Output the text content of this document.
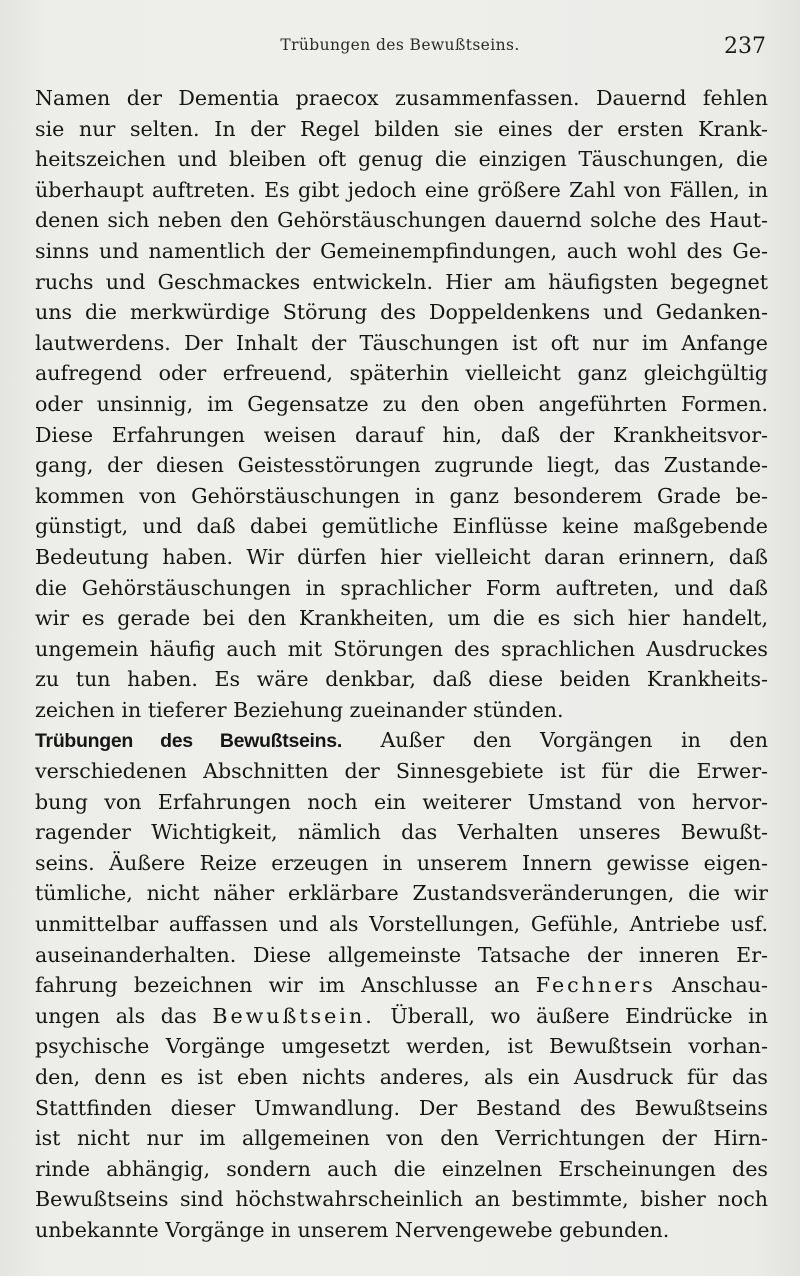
Trübungen des Bewußtseins.	237
Namen der Dementia praecox zusammenfassen. Dauernd fehlen
sie nur selten. In der Regel bilden sie eines der ersten Krank-
heitszeichen und bleiben oft genug die einzigen Täuschungen, die
überhaupt auftreten. Es gibt jedoch eine größere Zahl von Fällen, in
denen sich neben den Gehörstäuschungen dauernd solche des Haut-
sinns und namentlich der Gemeinempfindungen, auch wohl des Ge-
ruchs und Geschmackes entwickeln. Hier am häufigsten begegnet
uns die merkwürdige Störung des Doppeldenkens und Gedanken-
lautwerdens. Der Inhalt der Täuschungen ist oft nur im Anfange
aufregend oder erfreuend, späterhin vielleicht ganz gleichgültig
oder unsinnig, im Gegensatze zu den oben angeführten Formen.
Diese Erfahrungen weisen darauf hin, daß der Krankheitsvor-
gang, der diesen Geistesstörungen zugrunde liegt, das Zustande-
kommen von Gehörstäuschungen in ganz besonderem Grade be-
günstigt, und daß dabei gemütliche Einflüsse keine maßgebende
Bedeutung haben. Wir dürfen hier vielleicht daran erinnern, daß
die Gehörstäuschungen in sprachlicher Form auftreten, und daß
wir es gerade bei den Krankheiten, um die es sich hier handelt,
ungemein häufig auch mit Störungen des sprachlichen Ausdruckes
zu tun haben. Es wäre denkbar, daß diese beiden Krankheits-
zeichen in tieferer Beziehung zueinander stünden.
Trübungen des Bewußtseins. Außer den Vorgängen in den
verschiedenen Abschnitten der Sinnesgebiete ist für die Erwer-
bung von Erfahrungen noch ein weiterer Umstand von hervor-
ragender Wichtigkeit, nämlich das Verhalten unseres Bewußt-
seins. Äußere Reize erzeugen in unserem Innern gewisse eigen-
tümliche, nicht näher erklärbare Zustandsveränderungen, die wir
unmittelbar auffassen und als Vorstellungen, Gefühle, Antriebe usf.
auseinanderhalten. Diese allgemeinste Tatsache der inneren Er-
fahrung bezeichnen wir im Anschlusse an Fechners Anschau-
ungen als das Bewußtsein. Überall, wo äußere Eindrücke in
psychische Vorgänge umgesetzt werden, ist Bewußtsein vorhan-
den, denn es ist eben nichts anderes, als ein Ausdruck für das
Stattfinden dieser Umwandlung. Der Bestand des Bewußtseins
ist nicht nur im allgemeinen von den Verrichtungen der Hirn-
rinde abhängig, sondern auch die einzelnen Erscheinungen des
Bewußtseins sind höchstwahrscheinlich an bestimmte, bisher noch
unbekannte Vorgänge in unserem Nervengewebe gebunden.
